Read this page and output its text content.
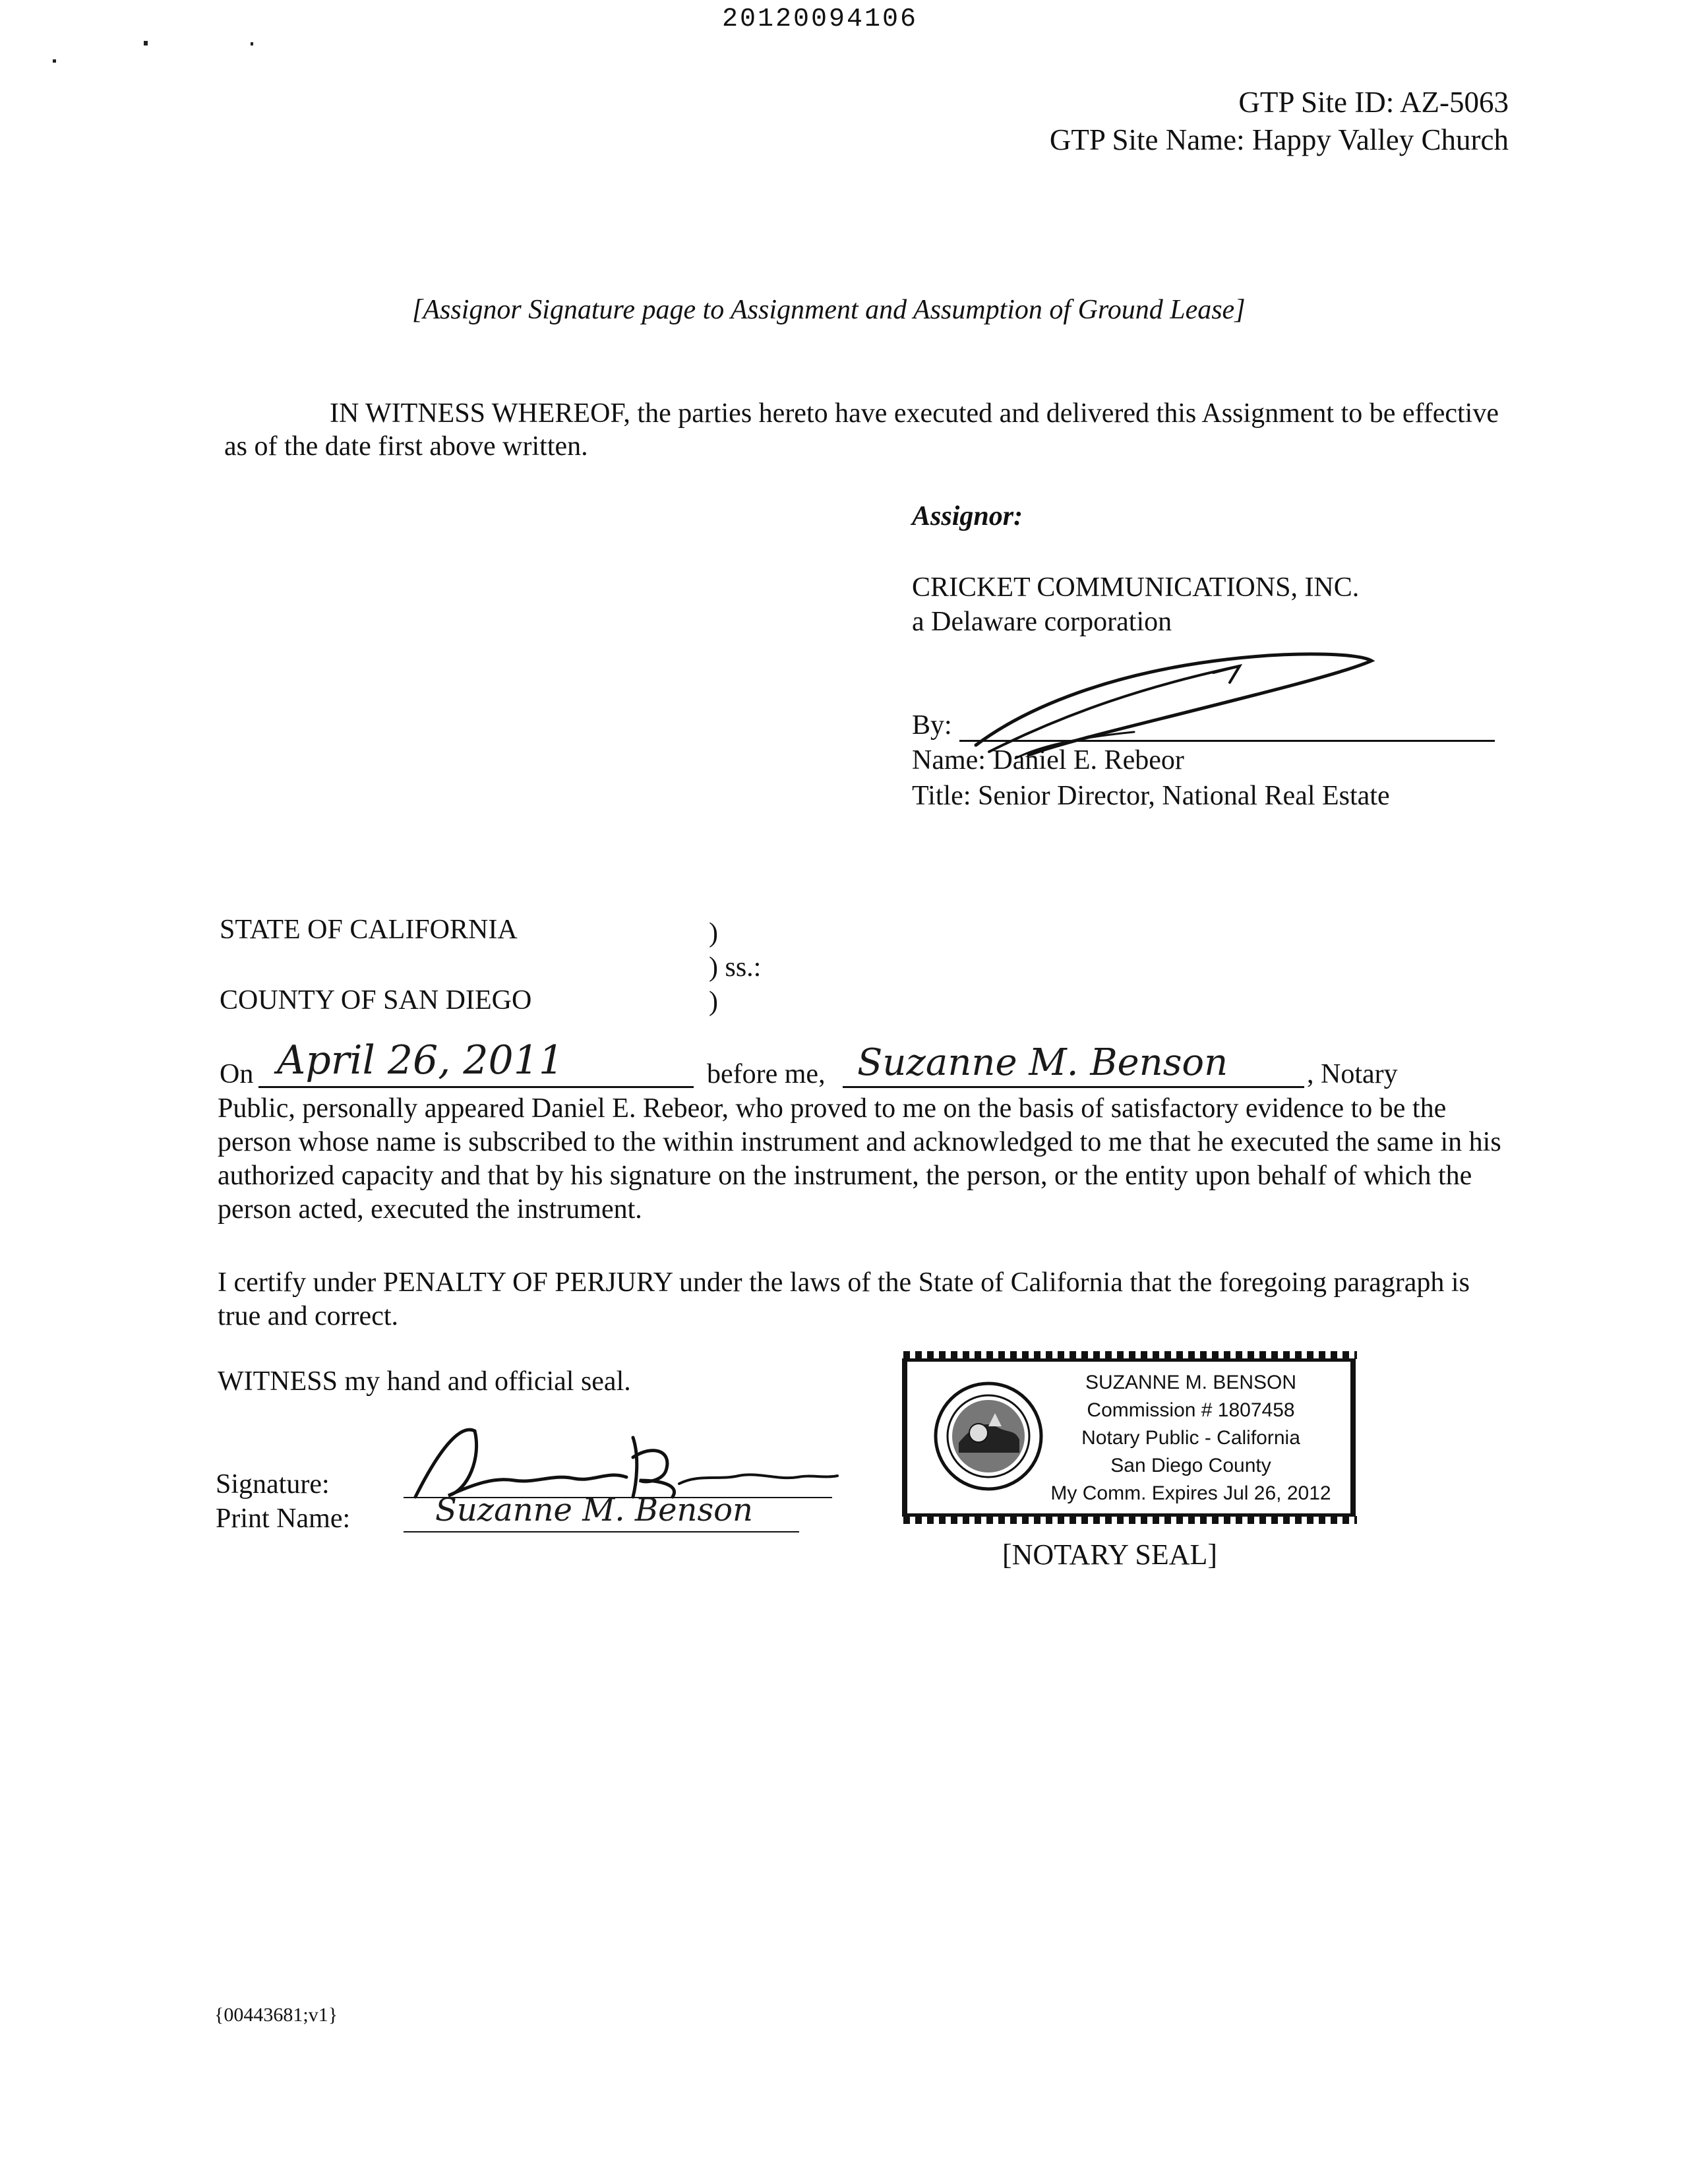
20120094106
GTP Site ID: AZ-5063
GTP Site Name: Happy Valley Church
[Assignor Signature page to Assignment and Assumption of Ground Lease]
IN WITNESS WHEREOF, the parties hereto have executed and delivered this Assignment to be effective as of the date first above written.
Assignor:
CRICKET COMMUNICATIONS, INC.
a Delaware corporation
By:
Name: Daniel E. Rebeor
Title: Senior Director, National Real Estate
STATE OF CALIFORNIA	)
) ss.:
COUNTY OF SAN DIEGO	)
On April 26, 2011	before me, Suzanne M. Benson	, Notary
Public, personally appeared Daniel E. Rebeor, who proved to me on the basis of satisfactory evidence to be the person whose name is subscribed to the within instrument and acknowledged to me that he executed the same in his authorized capacity and that by his signature on the instrument, the person, or the entity upon behalf of which the person acted, executed the instrument.
I certify under PENALTY OF PERJURY under the laws of the State of California that the foregoing paragraph is true and correct.
WITNESS my hand and official seal.
Signature:
Print Name:	Suzanne M. Benson
SUZANNE M. BENSON
Commission # 1807458
Notary Public - California
San Diego County
My Comm. Expires Jul 26, 2012
[NOTARY SEAL]
{00443681;v1}
